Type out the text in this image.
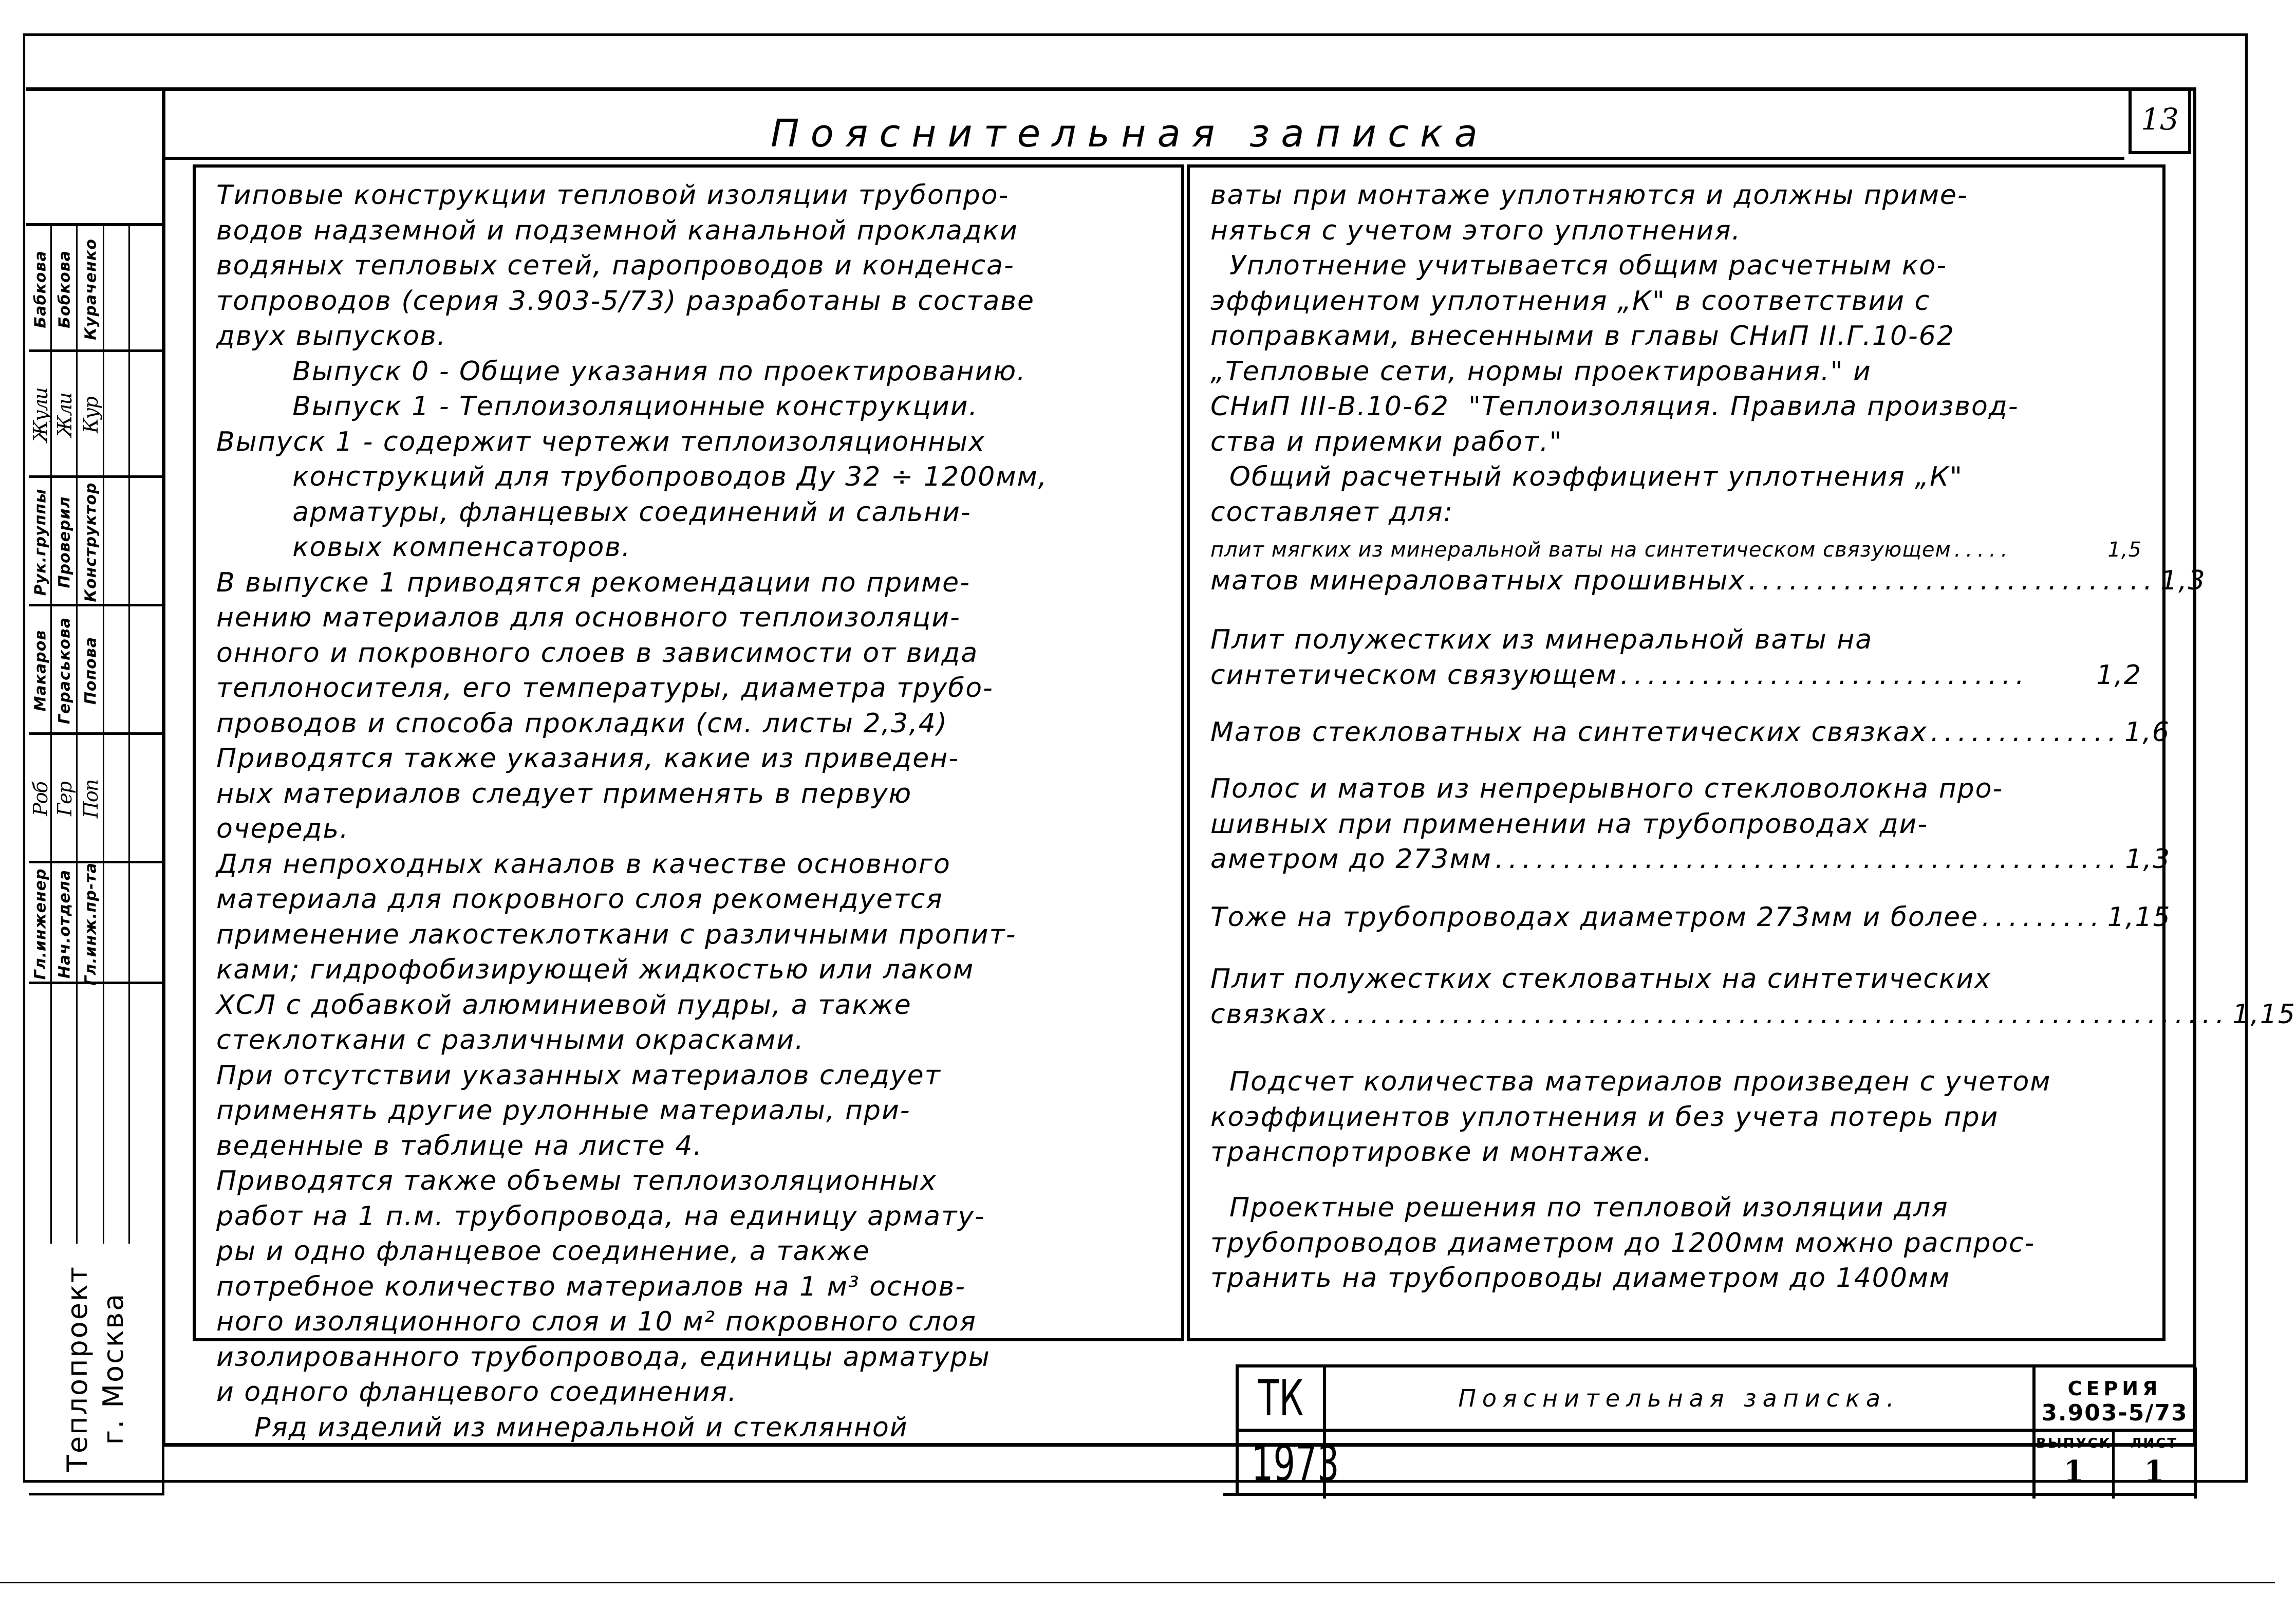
Пояснительная записка	13
Бабкова Бобкова Кураченко
Жули Жли Кур
Рук.группы Проверил Конструктор
Макаров Гераськова Попова
Роб Гер Поп
Гл.инженер Нач.отдела Гл.инж.пр-та
Теплопроект г. Москва

Типовые конструкции тепловой изоляции трубопро-

водов надземной и подземной канальной прокладки

водяных тепловых сетей, паропроводов и конденса-

топроводов (серия 3.903-5/73) разработаны в составе

двух выпусков.

Выпуск 0 - Общие указания по проектированию.

Выпуск 1 - Теплоизоляционные конструкции.

Выпуск 1 - содержит чертежи теплоизоляционных

конструкций для трубопроводов Ду 32 ÷ 1200мм,

арматуры, фланцевых соединений и сальни-

ковых компенсаторов.

В выпуске 1 приводятся рекомендации по приме-

нению материалов для основного теплоизоляци-

онного и покровного слоев в зависимости от вида

теплоносителя, его температуры, диаметра трубо-

проводов и способа прокладки (см. листы 2,3,4)

Приводятся также указания, какие из приведен-

ных материалов следует применять в первую

очередь.

Для непроходных каналов в качестве основного

материала для покровного слоя рекомендуется

применение лакостеклоткани с различными пропит-

ками; гидрофобизирующей жидкостью или лаком

ХСЛ с добавкой алюминиевой пудры, а также

стеклоткани с различными окрасками.

При отсутствии указанных материалов следует

применять другие рулонные материалы, при-

веденные в таблице на листе 4.

Приводятся также объемы теплоизоляционных

работ на 1 п.м. трубопровода, на единицу армату-

ры и одно фланцевое соединение, а также

потребное количество материалов на 1 м³ основ-

ного изоляционного слоя и 10 м² покровного слоя

изолированного трубопровода, единицы арматуры

и одного фланцевого соединения.

Ряд изделий из минеральной и стеклянной

ваты при монтаже уплотняются и должны приме-

няться с учетом этого уплотнения.

Уплотнение учитывается общим расчетным ко-

эффициентом уплотнения „К" в соответствии с

поправками, внесенными в главы СНиП II.Г.10-62

„Тепловые сети, нормы проектирования." и

СНиП III-В.10-62  "Теплоизоляция. Правила производ-

ства и приемки работ."

Общий расчетный коэффициент уплотнения „К"

составляет для:

плит мягких из минеральной ваты на синтетическом связующем .....	1,5
матов минераловатных прошивных .............................. 1,3

Плит полужестких из минеральной ваты на

синтетическом связующем ..............................	1,2
Матов стекловатных на синтетических связках .............. 1,6

Полос и матов из непрерывного стекловолокна про-

шивных при применении на трубопроводах ди-

аметром до 273мм .............................................. 1,3
Тоже на трубопроводах диаметром 273мм и более ......... 1,15

Плит полужестких стекловатных на синтетических

связках .................................................................. 1,15

Подсчет количества материалов произведен с учетом

коэффициентов уплотнения и без учета потерь при

транспортировке и монтаже.

Проектные решения по тепловой изоляции для

трубопроводов диаметром до 1200мм можно распрос-

транить на трубопроводы диаметром до 1400мм

ТК
1973
Пояснительная записка.	СЕРИЯ
3.903-5/73
ВЫПУСК
1
ЛИСТ
1
